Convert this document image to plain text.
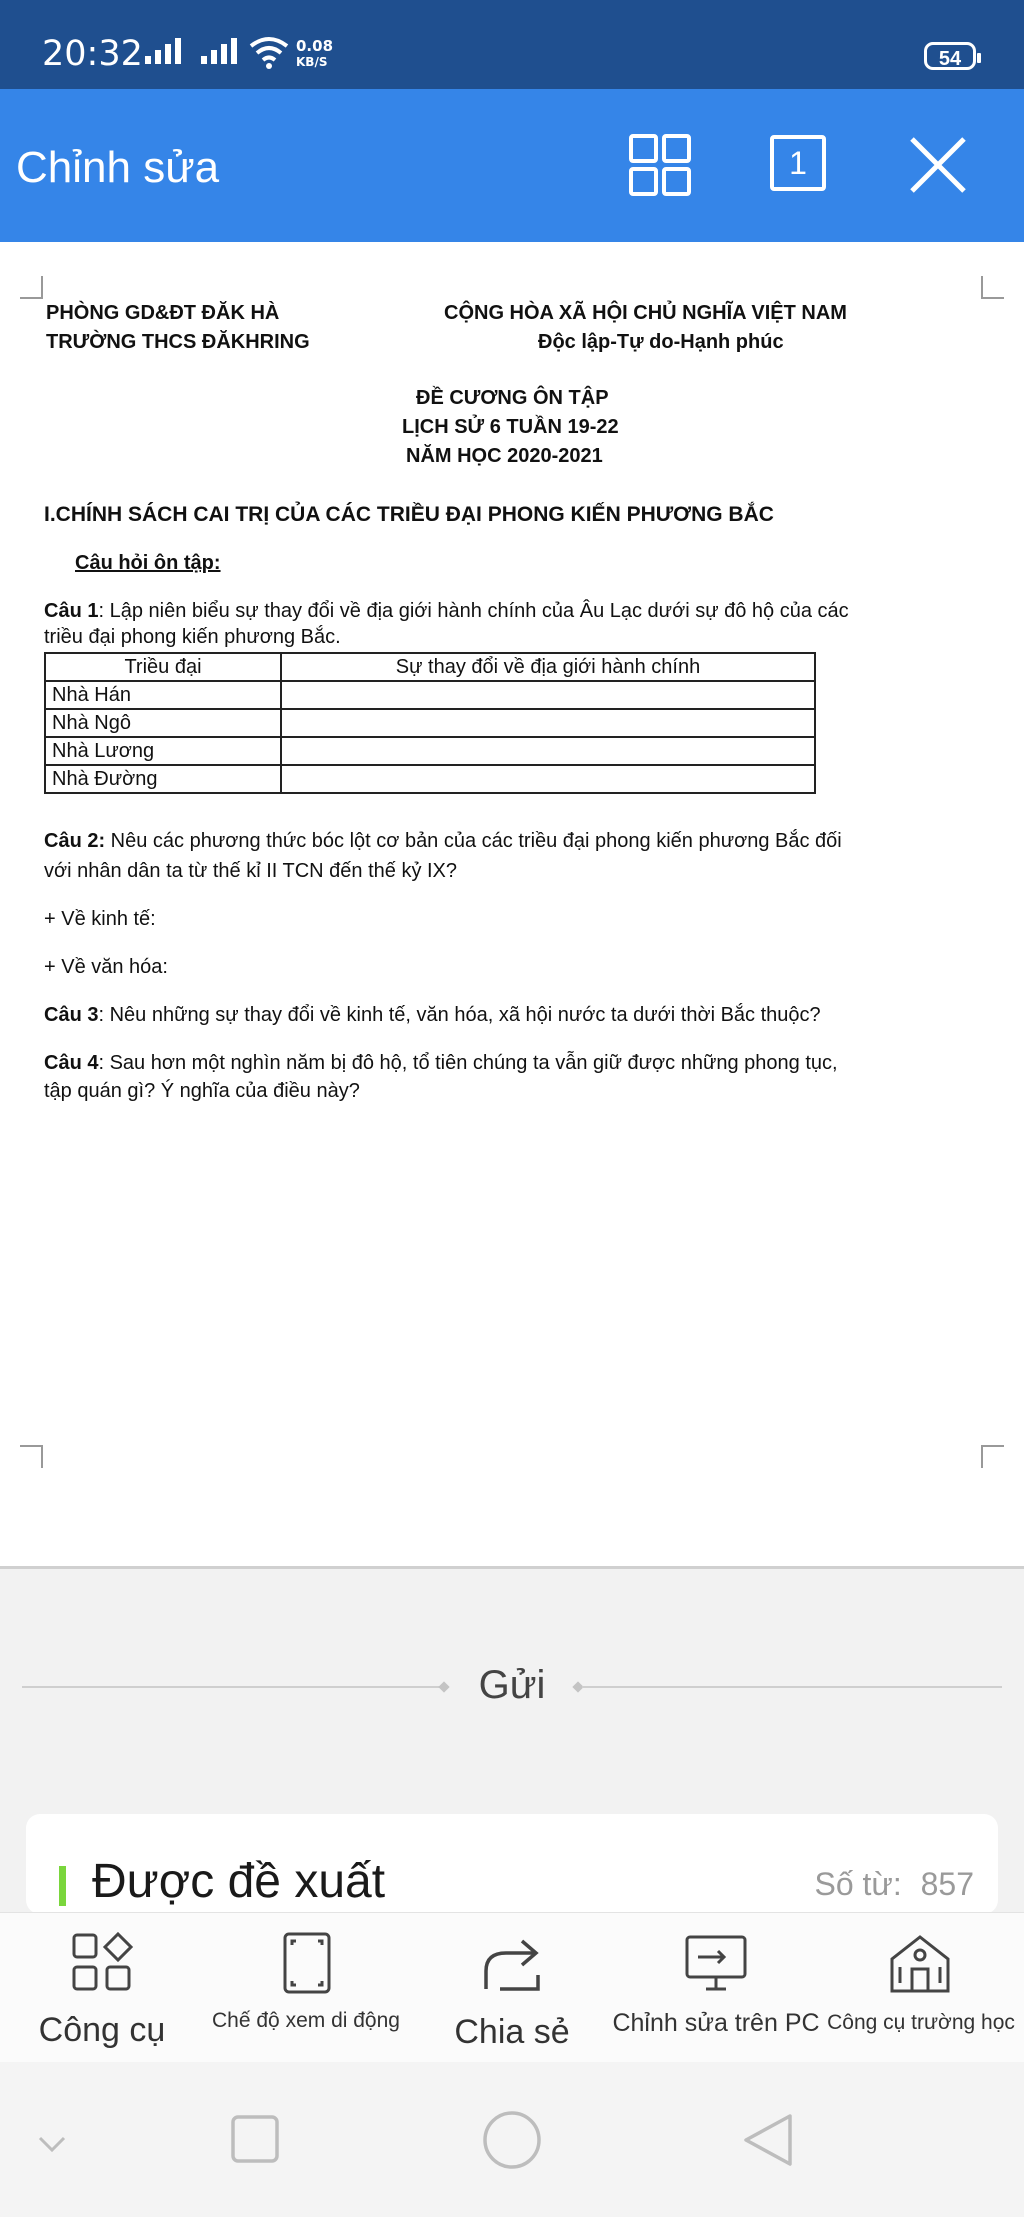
20:32	0.08
KB/S	54
Chỉnh sửa	1
PHÒNG GD&ĐT ĐĂK HÀ
TRƯỜNG THCS ĐĂKHRING
CỘNG HÒA XÃ HỘI CHỦ NGHĨA VIỆT NAM
Độc lập-Tự do-Hạnh phúc
ĐỀ CƯƠNG ÔN TẬP
LỊCH SỬ 6 TUẦN 19-22
NĂM HỌC 2020-2021
I.CHÍNH SÁCH CAI TRỊ CỦA CÁC TRIỀU ĐẠI PHONG KIẾN PHƯƠNG BẮC
Câu hỏi ôn tập:
Câu 1: Lập niên biểu sự thay đổi về địa giới hành chính của Âu Lạc dưới sự đô hộ của các
triều đại phong kiến phương Bắc.
Triều đại	Sự thay đổi về địa giới hành chính
Nhà Hán	
Nhà Ngô	
Nhà Lương	
Nhà Đường	
Câu 2: Nêu các phương thức bóc lột cơ bản của các triều đại phong kiến phương Bắc đối
với nhân dân ta từ thế kỉ II TCN đến thế kỷ IX?
+ Về kinh tế:
+ Về văn hóa:
Câu 3: Nêu những sự thay đổi về kinh tế, văn hóa, xã hội nước ta dưới thời Bắc thuộc?
Câu 4: Sau hơn một nghìn năm bị đô hộ, tổ tiên chúng ta vẫn giữ được những phong tục,
tập quán gì? Ý nghĩa của điều này?
Gửi
Được đề xuất	Số từ: 857
Công cụ	Chế độ xem di động	Chia sẻ	Chỉnh sửa trên PC Công cụ trường học
